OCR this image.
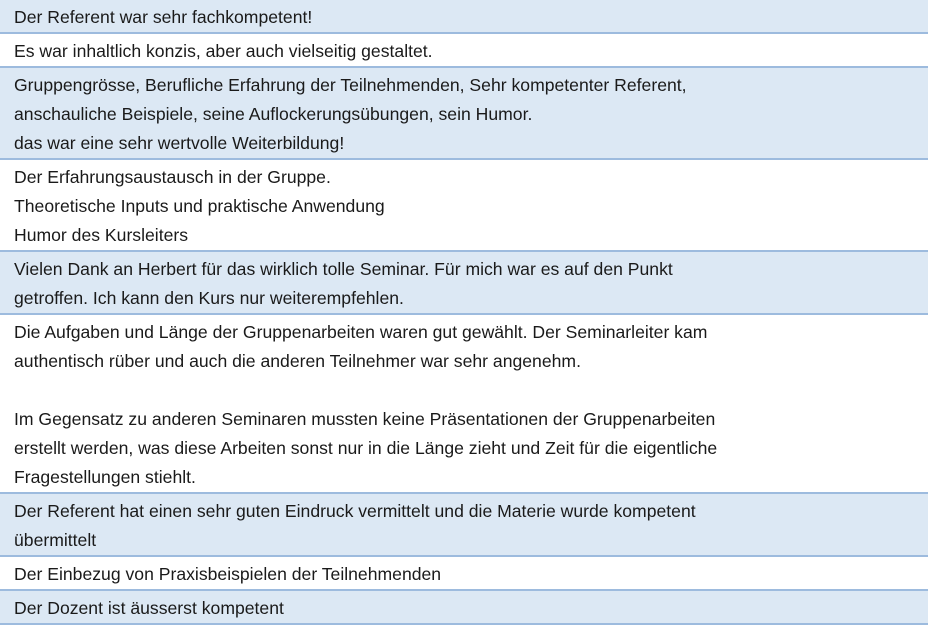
Der Referent war sehr fachkompetent!
Es war inhaltlich konzis, aber auch vielseitig gestaltet.
Gruppengrösse, Berufliche Erfahrung der Teilnehmenden, Sehr kompetenter Referent,
anschauliche Beispiele, seine Auflockerungsübungen, sein Humor.
das war eine sehr wertvolle Weiterbildung!
Der Erfahrungsaustausch in der Gruppe.
Theoretische Inputs und praktische Anwendung
Humor des Kursleiters
Vielen Dank an Herbert für das wirklich tolle Seminar. Für mich war es auf den Punkt
getroffen. Ich kann den Kurs nur weiterempfehlen.
Die Aufgaben und Länge der Gruppenarbeiten waren gut gewählt. Der Seminarleiter kam
authentisch rüber und auch die anderen Teilnehmer war sehr angenehm.
Im Gegensatz zu anderen Seminaren mussten keine Präsentationen der Gruppenarbeiten
erstellt werden, was diese Arbeiten sonst nur in die Länge zieht und Zeit für die eigentliche
Fragestellungen stiehlt.
Der Referent hat einen sehr guten Eindruck vermittelt und die Materie wurde kompetent
übermittelt
Der Einbezug von Praxisbeispielen der Teilnehmenden
Der Dozent ist äusserst kompetent
